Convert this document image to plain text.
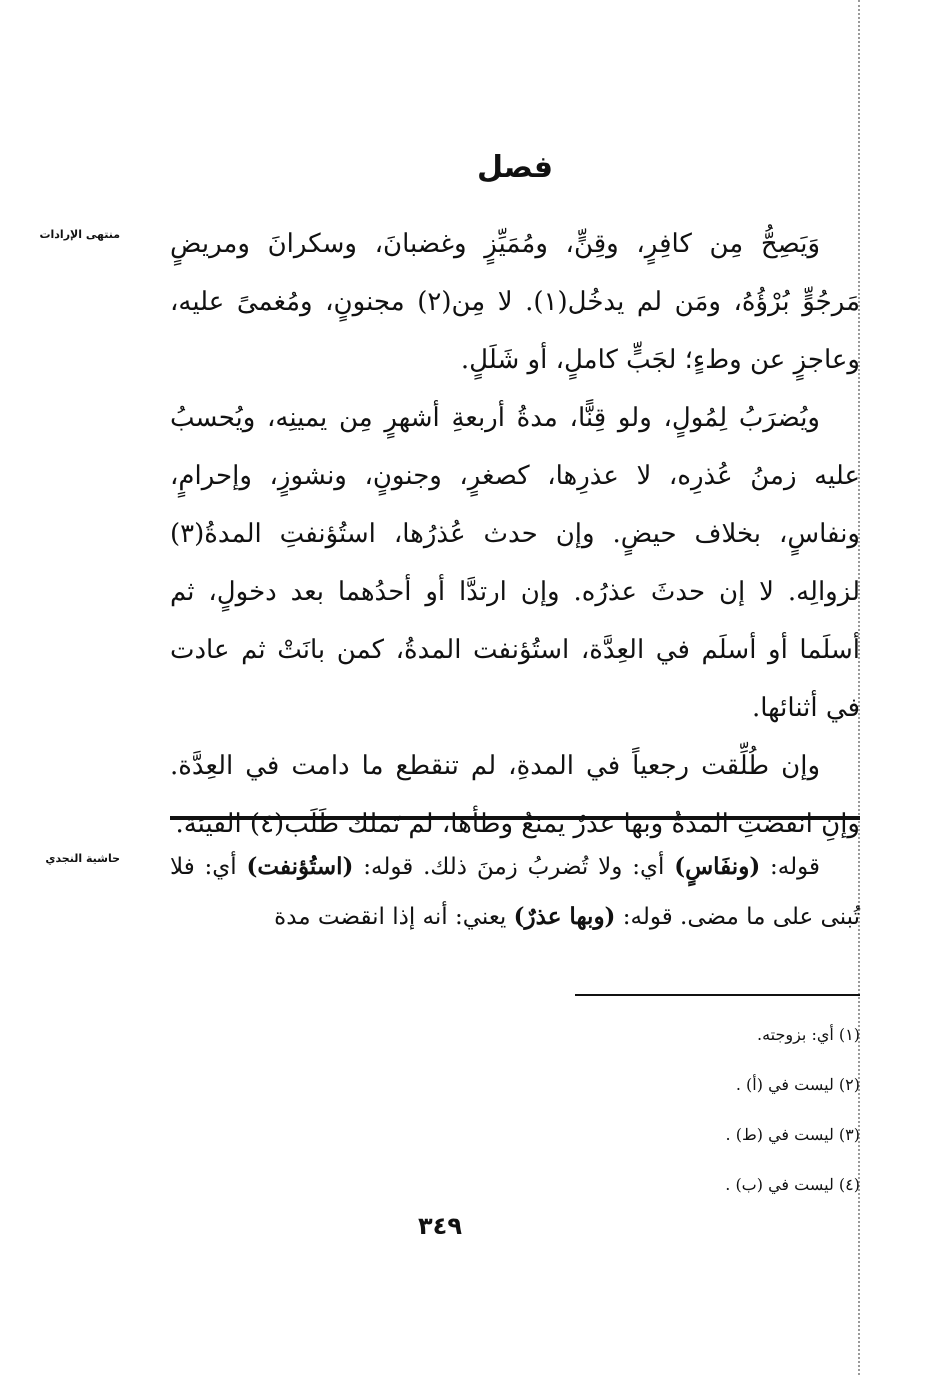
فصل
منتهى الإرادات وَيَصِحُّ مِن كافِرٍ، وقِنٍّ، ومُمَيِّزٍ وغضبانَ، وسكرانَ ومريضٍ مَرجُوٍّ بُرْؤُهُ، ومَن لم يدخُل(١). لا مِن(٢) مجنونٍ، ومُغمىً عليه، وعاجزٍ عن وطءٍ؛ لجَبٍّ كاملٍ، أو شَلَلٍ.

ويُضرَبُ لِمُولٍ، ولو قِنًّا، مدةُ أربعةِ أشهرٍ مِن يمينِه، ويُحسبُ عليه زمنُ عُذرِه، لا عذرِها، كصغرٍ، وجنونٍ، ونشوزٍ، وإحرامٍ، ونفاسٍ، بخلاف حيضٍ. وإن حدث عُذرُها، استُؤنفتِ المدةُ(٣) لزوالِه. لا إن حدثَ عذرُه. وإن ارتدَّا أو أحدُهما بعد دخولٍ، ثم أسلَما أو أسلَم في العِدَّة، استُؤنفت المدةُ، كمن بانَتْ ثم عادت في أثنائها.

وإن طُلِّقت رجعياً في المدةِ، لم تنقطع ما دامت في العِدَّة. وإنِ انقضتِ المدةُ وبها عذرٌ يَمنعُ وطأها، لم تَملك طَلَبَ(٤) الفيئة.

حاشية النجدي	قوله: (ونفَاسٍ) أي: ولا تُضربُ زمنَ ذلك. قوله: (استُؤنفت) أي: فلا تُبنى على ما مضى. قوله: (وبها عذرٌ) يعني: أنه إذا انقضت مدة

(١) أي: بزوجته.

(٢) ليست في (أ) .

(٣) ليست في (ط) .

(٤) ليست في (ب) .

٣٤٩
